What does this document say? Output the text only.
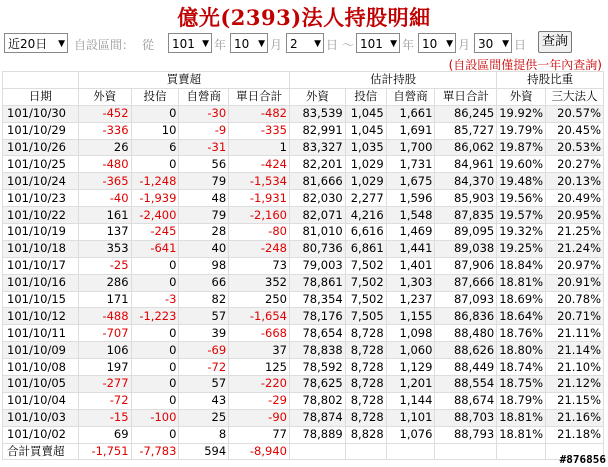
億光(2393)法人持股明細
近20日 ▼ 自設區間： 從	101 ▼ 年 10 ▼ 月 2 ▼ 日 ～ 101 ▼ 年 10 ▼ 月 30 ▼ 日	查詢
(自設區間僅提供一年內查詢)
	買賣超				估計持股				持股比重	
日期	外資	投信	自營商	單日合計	外資	投信	自營商	單日合計	外資	三大法人
101/10/30	-452	0	-30	-482	83,539	1,045	1,661	86,245	19.92%	20.57%
101/10/29	-336	10	-9	-335	82,991	1,045	1,691	85,727	19.79%	20.45%
101/10/26	26	6	-31	1	83,327	1,035	1,700	86,062	19.87%	20.53%
101/10/25	-480	0	56	-424	82,201	1,029	1,731	84,961	19.60%	20.27%
101/10/24	-365	-1,248	79	-1,534	81,666	1,029	1,675	84,370	19.48%	20.13%
101/10/23	-40	-1,939	48	-1,931	82,030	2,277	1,596	85,903	19.56%	20.49%
101/10/22	161	-2,400	79	-2,160	82,071	4,216	1,548	87,835	19.57%	20.95%
101/10/19	137	-245	28	-80	81,010	6,616	1,469	89,095	19.32%	21.25%
101/10/18	353	-641	40	-248	80,736	6,861	1,441	89,038	19.25%	21.24%
101/10/17	-25	0	98	73	79,003	7,502	1,401	87,906	18.84%	20.97%
101/10/16	286	0	66	352	78,861	7,502	1,303	87,666	18.81%	20.91%
101/10/15	171	-3	82	250	78,354	7,502	1,237	87,093	18.69%	20.78%
101/10/12	-488	-1,223	57	-1,654	78,176	7,505	1,155	86,836	18.64%	20.71%
101/10/11	-707	0	39	-668	78,654	8,728	1,098	88,480	18.76%	21.11%
101/10/09	106	0	-69	37	78,838	8,728	1,060	88,626	18.80%	21.14%
101/10/08	197	0	-72	125	78,592	8,728	1,129	88,449	18.74%	21.10%
101/10/05	-277	0	57	-220	78,625	8,728	1,201	88,554	18.75%	21.12%
101/10/04	-72	0	43	-29	78,802	8,728	1,144	88,674	18.79%	21.15%
101/10/03	-15	-100	25	-90	78,874	8,728	1,101	88,703	18.81%	21.16%
101/10/02	69	0	8	77	78,889	8,828	1,076	88,793	18.81%	21.18%
合計買賣超	-1,751	-7,783	594	-8,940						
#876856
